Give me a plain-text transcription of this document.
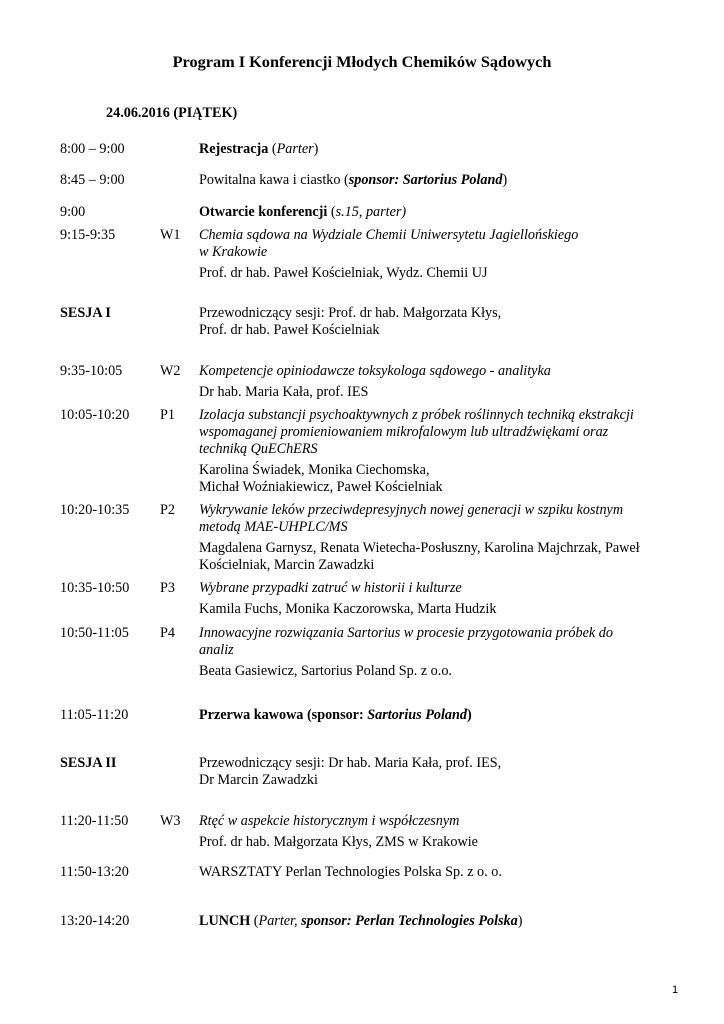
Program I Konferencji Młodych Chemików Sądowych
24.06.2016 (PIĄTEK)
8:00 – 9:00	Rejestracja (Parter)
8:45 – 9:00	Powitalna kawa i ciastko (sponsor: Sartorius Poland)
9:00	Otwarcie konferencji (s.15, parter)
9:15-9:35	W1 Chemia sądowa na Wydziale Chemii Uniwersytetu Jagiellońskiego
w Krakowie
Prof. dr hab. Paweł Kościelniak, Wydz. Chemii UJ
SESJA I	Przewodniczący sesji: Prof. dr hab. Małgorzata Kłys,
Prof. dr hab. Paweł Kościelniak
9:35-10:05	W2 Kompetencje opiniodawcze toksykologa sądowego - analityka
Dr hab. Maria Kała, prof. IES
10:05-10:20 P1 Izolacja substancji psychoaktywnych z próbek roślinnych techniką ekstrakcji
wspomaganej promieniowaniem mikrofalowym lub ultradźwiękami oraz
techniką QuEChERS
Karolina Świadek, Monika Ciechomska,
Michał Woźniakiewicz, Paweł Kościelniak
10:20-10:35 P2 Wykrywanie leków przeciwdepresyjnych nowej generacji w szpiku kostnym
metodą MAE-UHPLC/MS
Magdalena Garnysz, Renata Wietecha-Posłuszny, Karolina Majchrzak, Paweł
Kościelniak, Marcin Zawadzki
10:35-10:50 P3 Wybrane przypadki zatruć w historii i kulturze
Kamila Fuchs, Monika Kaczorowska, Marta Hudzik
10:50-11:05 P4 Innowacyjne rozwiązania Sartorius w procesie przygotowania próbek do
analiz
Beata Gasiewicz, Sartorius Poland Sp. z o.o.
11:05-11:20	Przerwa kawowa (sponsor: Sartorius Poland)
SESJA II	Przewodniczący sesji: Dr hab. Maria Kała, prof. IES,
Dr Marcin Zawadzki
11:20-11:50 W3 Rtęć w aspekcie historycznym i współczesnym
Prof. dr hab. Małgorzata Kłys, ZMS w Krakowie
11:50-13:20	WARSZTATY Perlan Technologies Polska Sp. z o. o.
13:20-14:20	LUNCH (Parter, sponsor: Perlan Technologies Polska)
1
